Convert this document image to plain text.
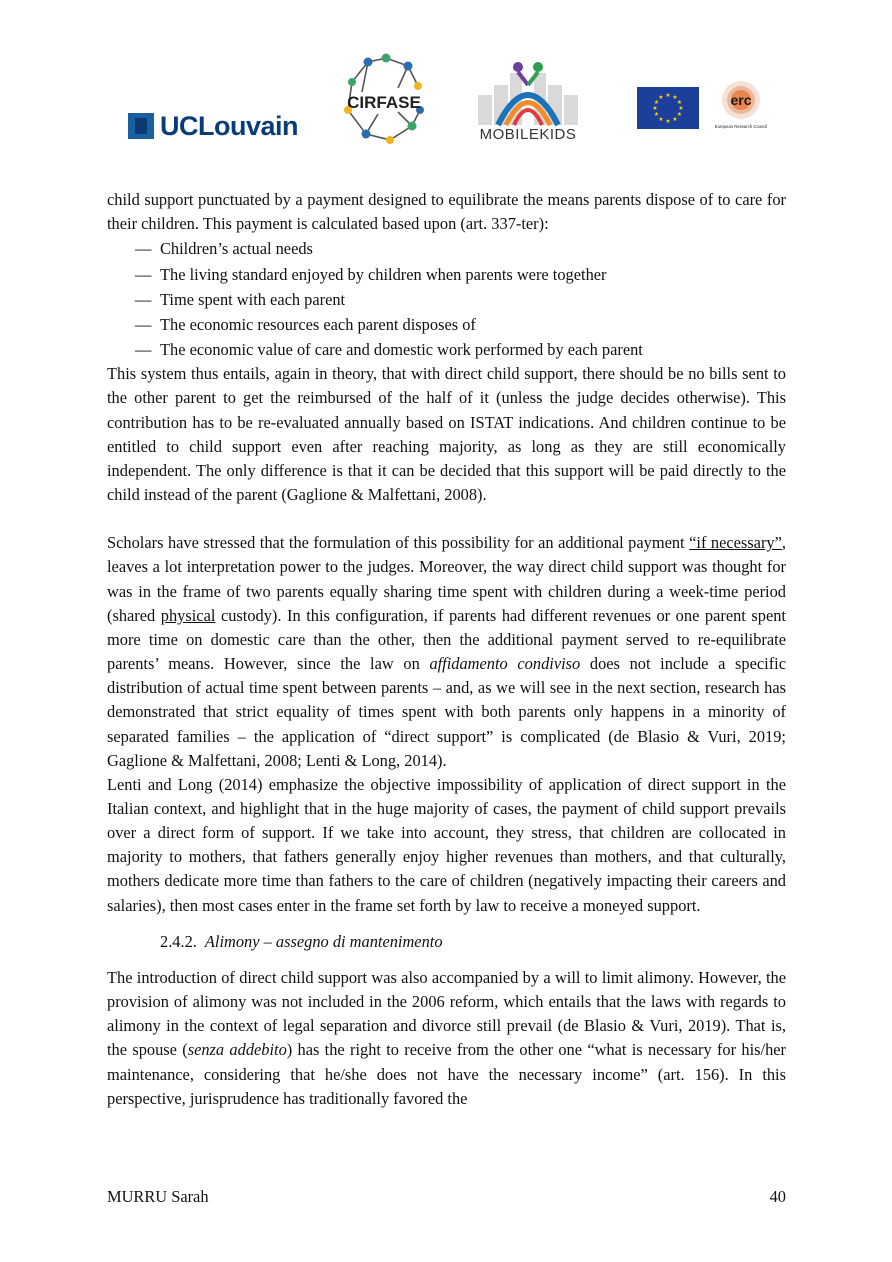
UCLouvain
CIRFASE
MOBILEKIDS
★ ★
★
★
★
★
★
★
★
★
★
★	erc
European Research Council

child support punctuated by a payment designed to equilibrate the means parents dispose of to care for their children. This payment is calculated based upon (art. 337-ter):

— Children’s actual needs
— The living standard enjoyed by children when parents were together
— Time spent with each parent
— The economic resources each parent disposes of
— The economic value of care and domestic work performed by each parent

This system thus entails, again in theory, that with direct child support, there should be no bills sent to the other parent to get the reimbursed of the half of it (unless the judge decides otherwise). This contribution has to be re-evaluated annually based on ISTAT indications. And children continue to be entitled to child support even after reaching majority, as long as they are still economically independent. The only difference is that it can be decided that this support will be paid directly to the child instead of the parent (Gaglione & Malfettani, 2008).

Scholars have stressed that the formulation of this possibility for an additional payment “if necessary”, leaves a lot interpretation power to the judges. Moreover, the way direct child support was thought for was in the frame of two parents equally sharing time spent with children during a week-time period (shared physical custody). In this configuration, if parents had different revenues or one parent spent more time on domestic care than the other, then the additional payment served to re-equilibrate parents’ means. However, since the law on affidamento condiviso does not include a specific distribution of actual time spent between parents – and, as we will see in the next section, research has demonstrated that strict equality of times spent with both parents only happens in a minority of separated families – the application of “direct support” is complicated (de Blasio & Vuri, 2019; Gaglione & Malfettani, 2008; Lenti & Long, 2014).

Lenti and Long (2014) emphasize the objective impossibility of application of direct support in the Italian context, and highlight that in the huge majority of cases, the payment of child support prevails over a direct form of support. If we take into account, they stress, that children are collocated in majority to mothers, that fathers generally enjoy higher revenues than mothers, and that culturally, mothers dedicate more time than fathers to the care of children (negatively impacting their careers and salaries), then most cases enter in the frame set forth by law to receive a moneyed support.

2.4.2. Alimony – assegno di mantenimento

The introduction of direct child support was also accompanied by a will to limit alimony. However, the provision of alimony was not included in the 2006 reform, which entails that the laws with regards to alimony in the context of legal separation and divorce still prevail (de Blasio & Vuri, 2019). That is, the spouse (senza addebito) has the right to receive from the other one “what is necessary for his/her maintenance, considering that he/she does not have the necessary income” (art. 156). In this perspective, jurisprudence has traditionally favored the

MURRU Sarah	40
